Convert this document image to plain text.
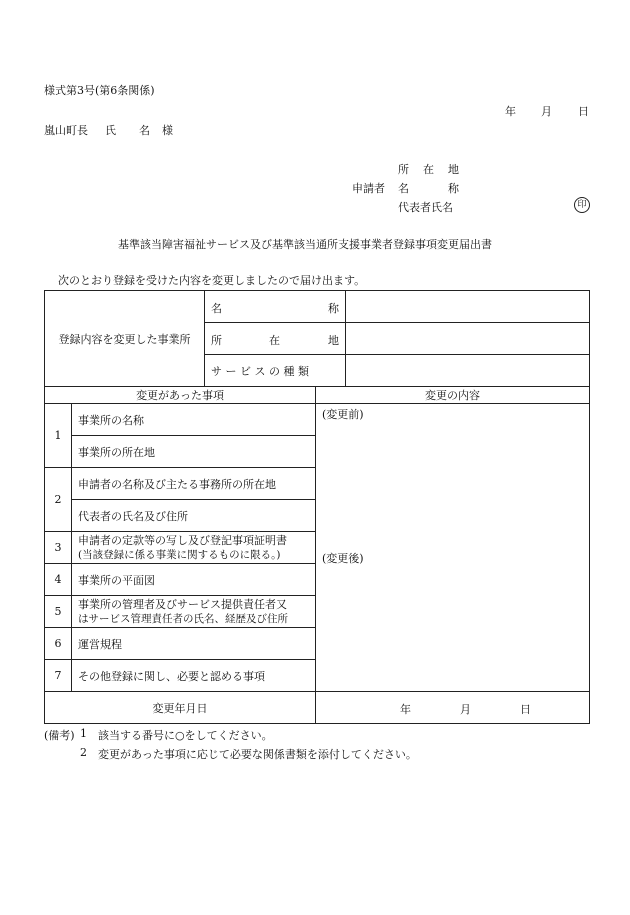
様式第3号(第6条関係)
年 月 日
嵐山町長 氏 名 様
所 在 地
申請者 名	称
代表者氏名	印
基準該当障害福祉サービス及び基準該当通所支援事業者登録事項変更届出書
次のとおり登録を受けた内容を変更しましたので届け出ます。
登録内容を変更した事業所	名 称	

	所 在 地	

	サ ー ビ ス の 種 類	
変更があった事項		変更の内容
1	事業所の名称	(変更前)
(変更後)

	事業所の所在地	
2	申請者の名称及び主たる事務所の所在地	
	代表者の氏名及び住所	
3	申請者の定款等の写し及び登記事項証明書
(当該登録に係る事業に関するものに限る。)	

4	事業所の平面図	
5	事業所の管理者及びサービス提供責任者又
はサービス管理責任者の氏名、経歴及び住所	

6	運営規程	
7	その他登録に関し、必要と認める事項	
変更年月日		年 月 日
(備考) 1 該当する番号に○をしてください。
2 変更があった事項に応じて必要な関係書類を添付してください。
